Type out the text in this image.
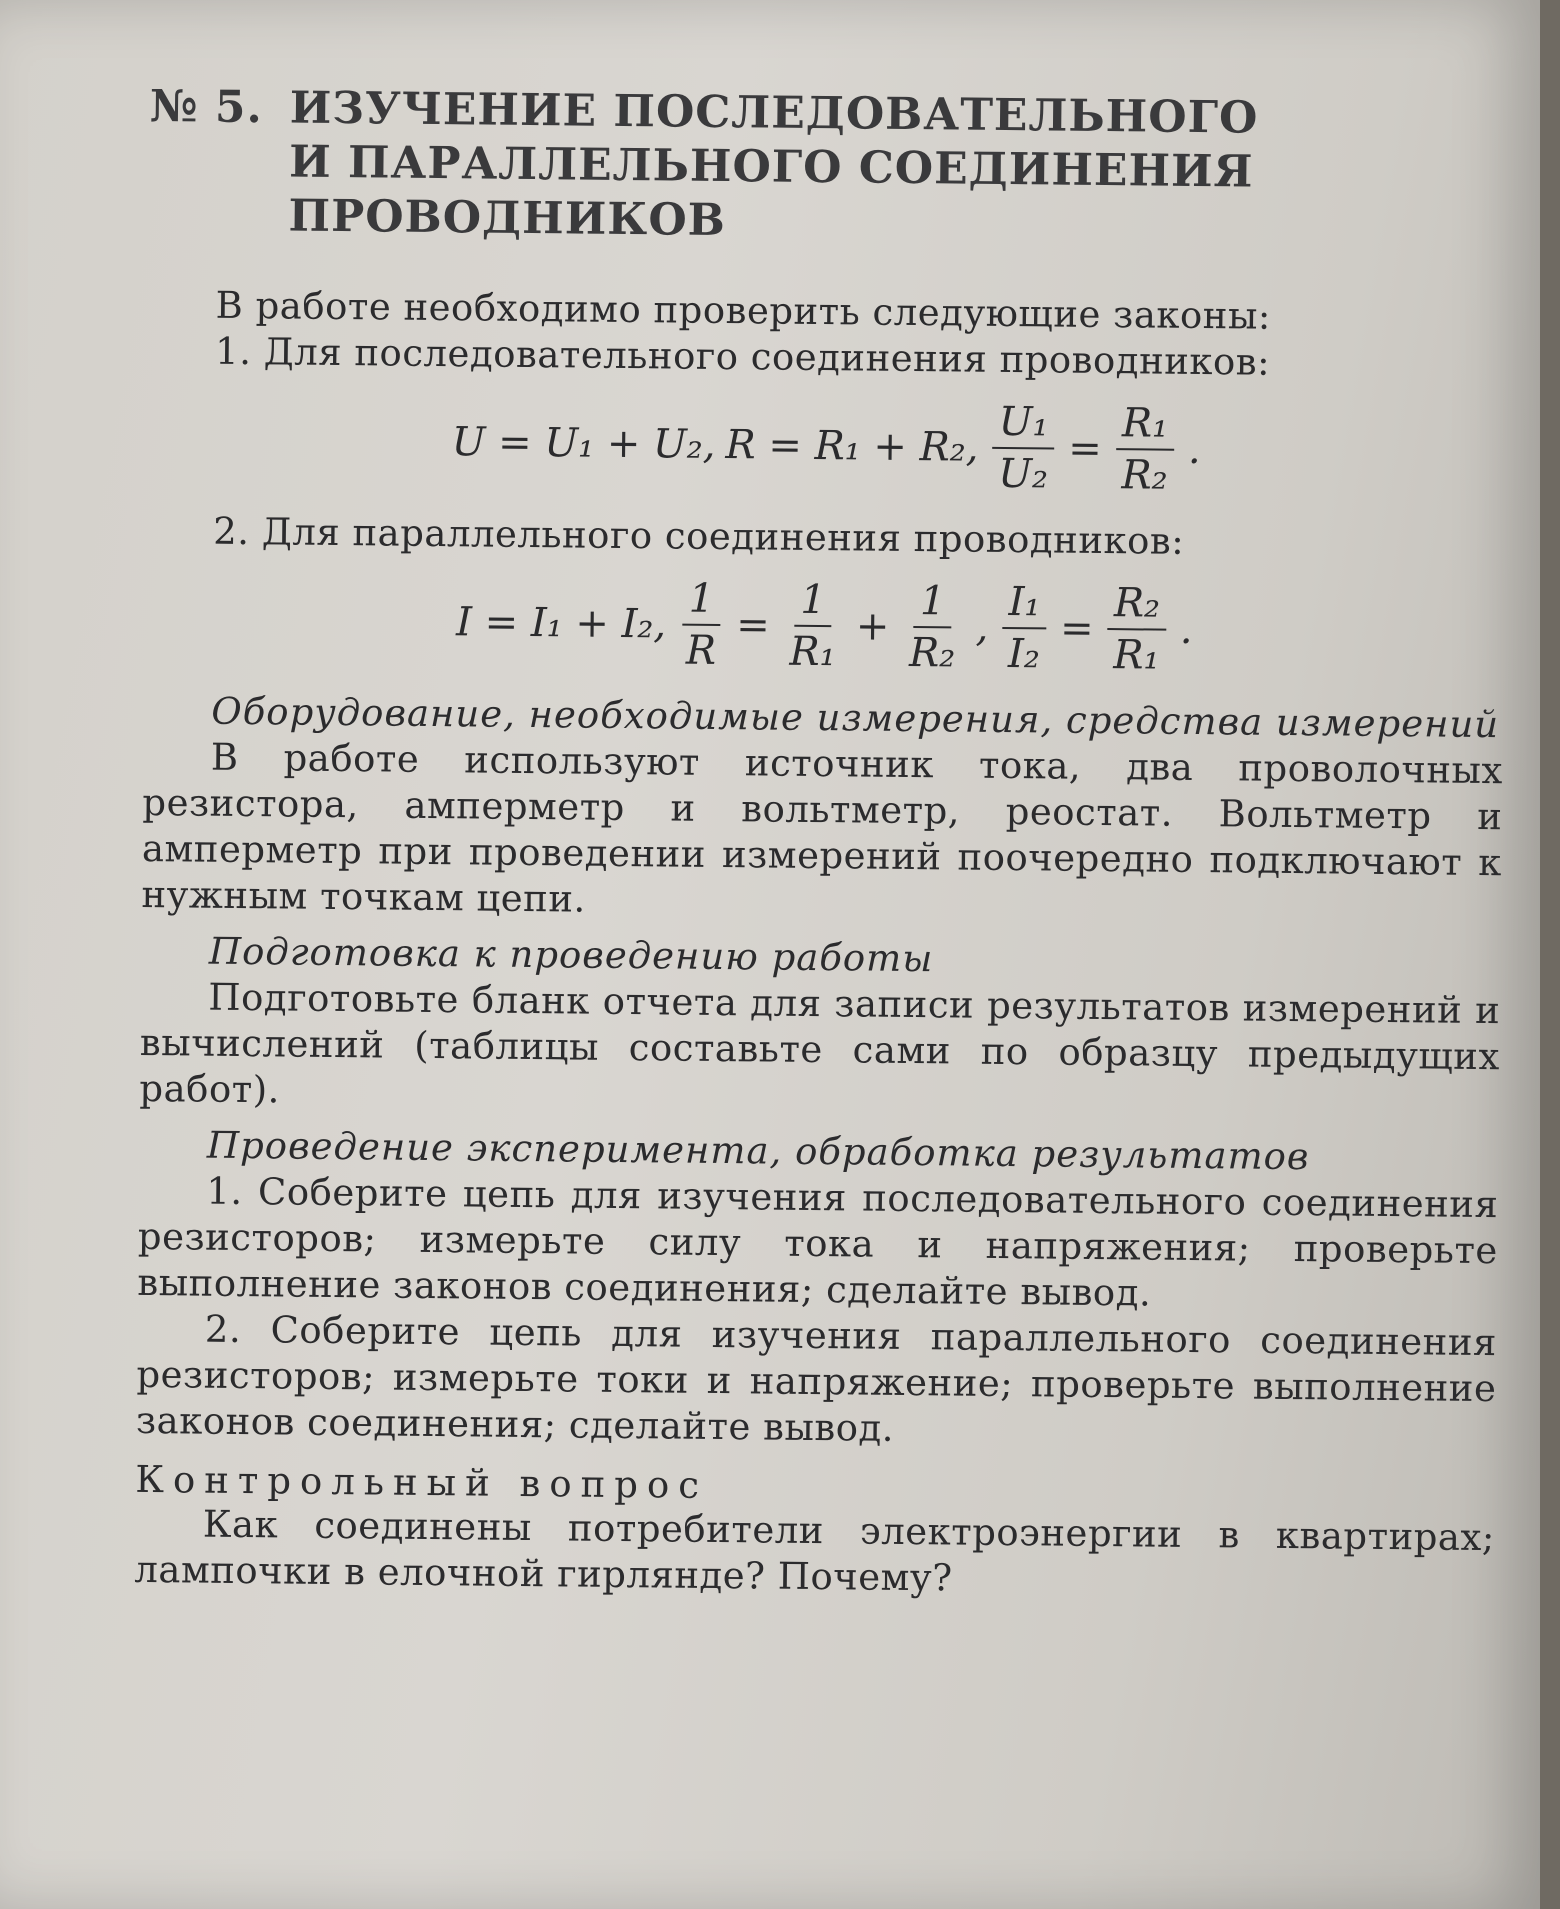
№ 5. ИЗУЧЕНИЕ ПОСЛЕДОВАТЕЛЬНОГО И ПАРАЛЛЕЛЬНОГО СОЕДИНЕНИЯ ПРОВОДНИКОВ
В работе необходимо проверить следующие законы:
1. Для последовательного соединения проводников:
U = U₁ + U₂, R = R₁ + R₂, $\frac{\text{U₁}}{\text{U₂}} = \frac{\text{R₁}}{\text{R₂}}$ .
2. Для параллельного соединения проводников:
I = I₁ + I₂, $\frac{1}{R} = \frac{1}{\text{R₁}} + \frac{1}{\text{R₂}}$ , $\frac{\text{I₁}}{\text{I₂}} = \frac{\text{R₂}}{\text{R₁}}$ .
Оборудование, необходимые измерения, средства измерений
В работе используют источник тока, два проволочных резистора, амперметр и вольтметр, реостат. Вольтметр и амперметр при проведении измерений поочередно подключают к нужным точкам цепи.
Подготовка к проведению работы
Подготовьте бланк отчета для записи результатов измерений и вычислений (таблицы составьте сами по образцу предыдущих работ).
Проведение эксперимента, обработка результатов
1. Соберите цепь для изучения последовательного соединения резисторов; измерьте силу тока и напряжения; проверьте выполнение законов соединения; сделайте вывод.
2. Соберите цепь для изучения параллельного соединения резисторов; измерьте токи и напряжение; проверьте выполнение законов соединения; сделайте вывод.
Контрольный вопрос
Как соединены потребители электроэнергии в квартирах; лампочки в елочной гирлянде? Почему?
